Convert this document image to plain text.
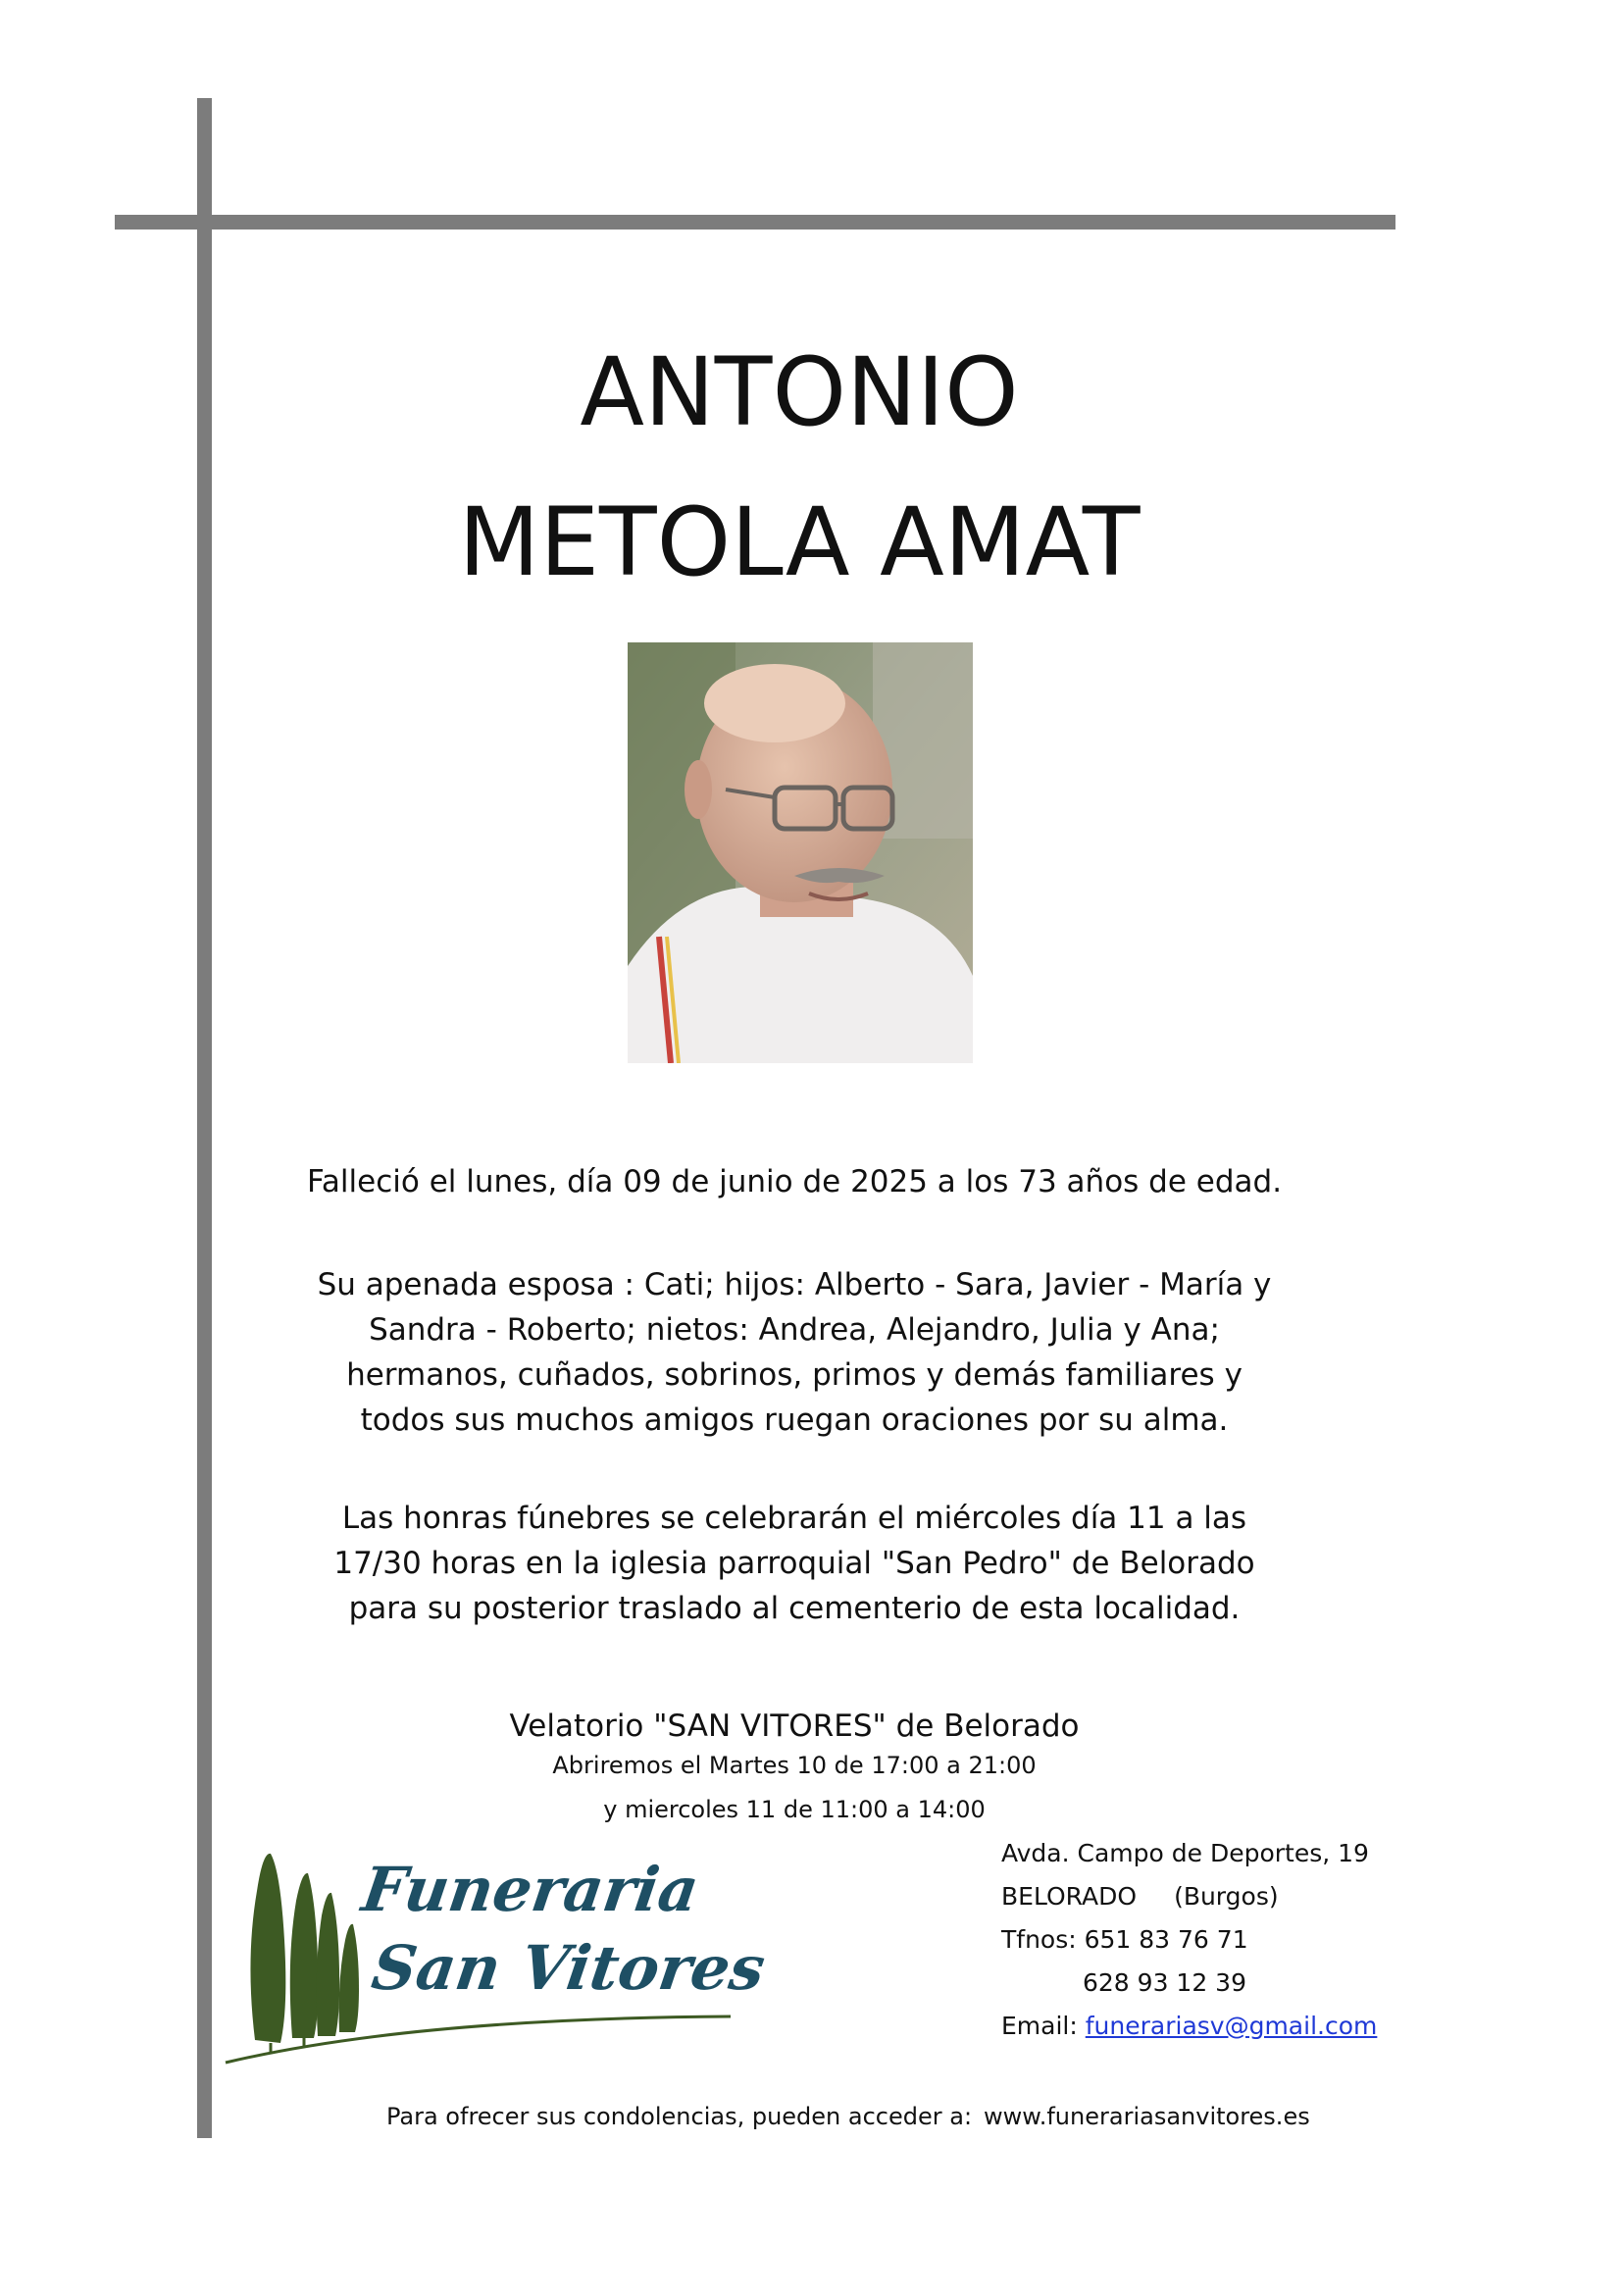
ANTONIO
METOLA AMAT
Falleció el lunes, día 09 de junio de 2025 a los 73 años de edad.
Su apenada esposa : Cati; hijos: Alberto - Sara, Javier - María y
Sandra - Roberto; nietos: Andrea, Alejandro, Julia y Ana;
hermanos, cuñados, sobrinos, primos y demás familiares y
todos sus muchos amigos ruegan oraciones por su alma.
Las honras fúnebres se celebrarán el miércoles día 11 a las
17/30 horas en la iglesia parroquial "San Pedro" de Belorado
para su posterior traslado al cementerio de esta localidad.
Velatorio "SAN VITORES" de Belorado
Abriremos el Martes 10 de 17:00 a 21:00
y miercoles 11 de 11:00 a 14:00
Funeraria
San Vitores
Avda. Campo de Deportes, 19
BELORADO (Burgos)
Tfnos: 651 83 76 71
628 93 12 39
Email: funerariasv@gmail.com
Para ofrecer sus condolencias, pueden acceder a: www.funerariasanvitores.es
